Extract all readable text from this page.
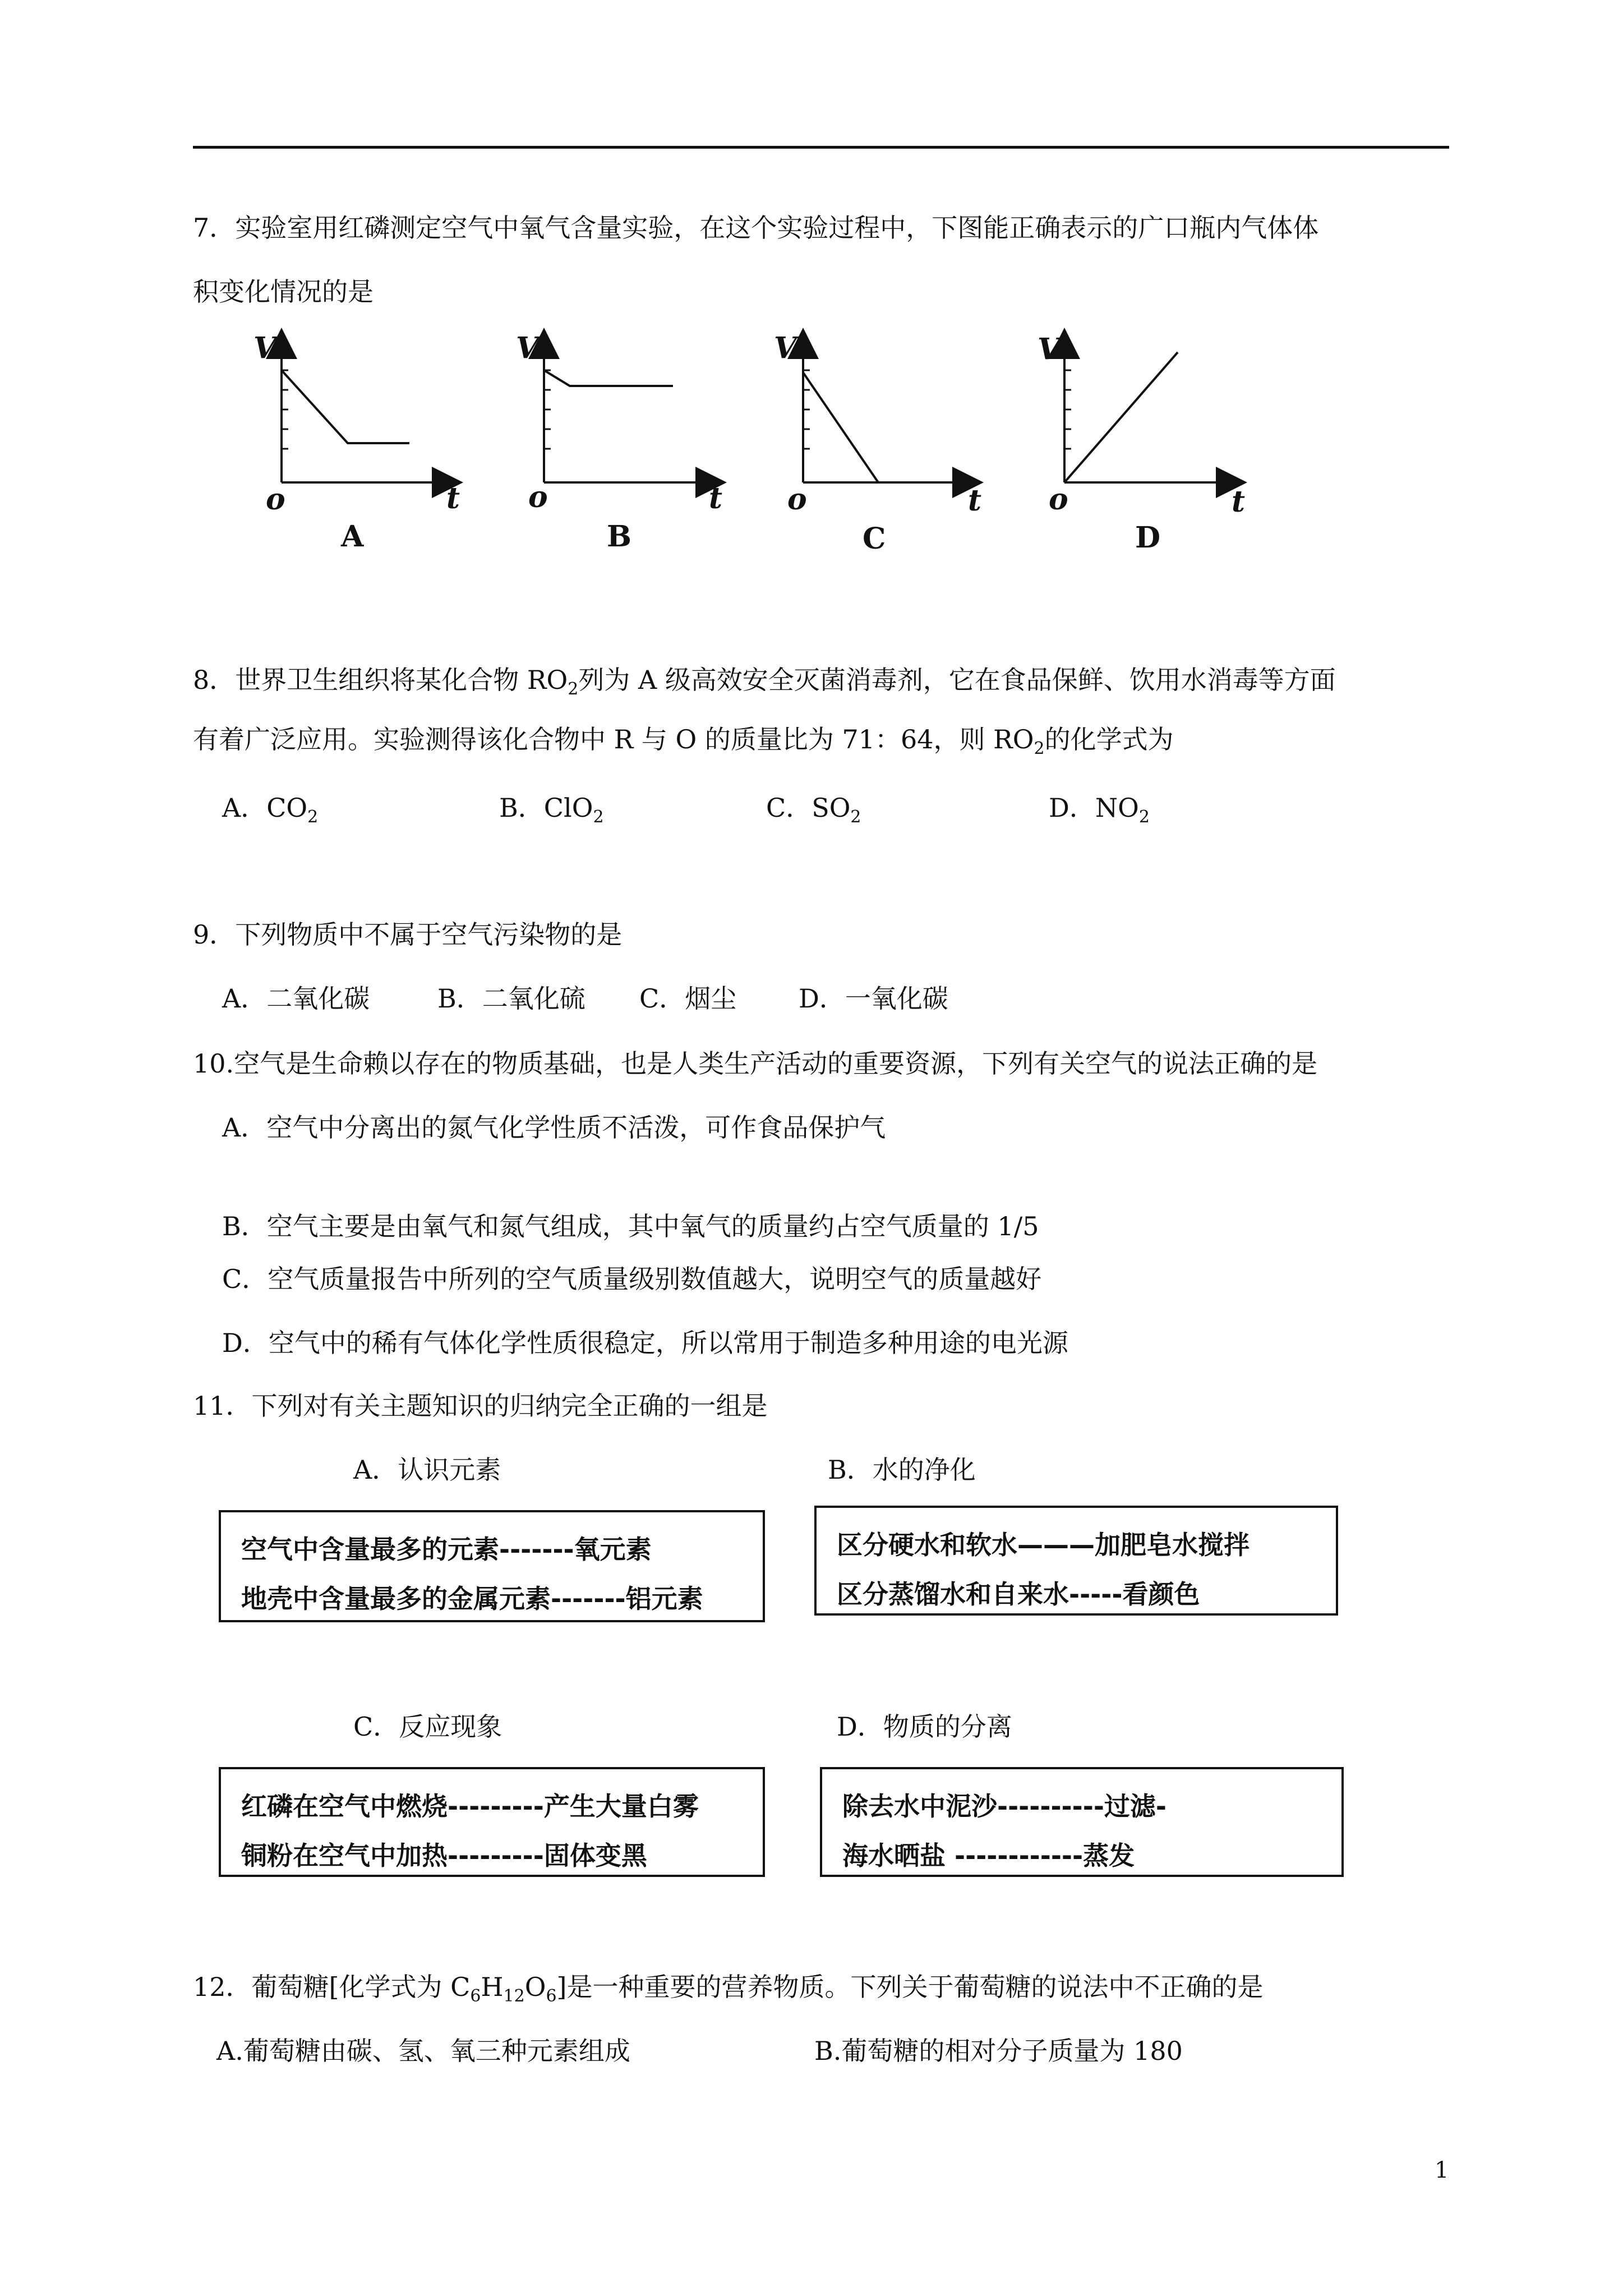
7．实验室用红磷测定空气中氧气含量实验，在这个实验过程中，下图能正确表示的广口瓶内气体体
积变化情况的是
V
o	t
A
V
o	t
B
V
o	t
C
V
o	t
D
8．世界卫生组织将某化合物 $RO_2$列为 A 级高效安全灭菌消毒剂，它在食品保鲜、饮用水消毒等方面
有着广泛应用。实验测得该化合物中 R 与 O 的质量比为 71：64，则 $RO_2$的化学式为
A．$CO_2$	B．ClO$_2$	C．$SO_2$	D．$NO_2$
9．下列物质中不属于空气污染物的是
A．二氧化碳	B．二氧化硫 C．烟尘 D．一氧化碳
10.空气是生命赖以存在的物质基础，也是人类生产活动的重要资源，下列有关空气的说法正确的是
A．空气中分离出的氮气化学性质不活泼，可作食品保护气
B．空气主要是由氧气和氮气组成，其中氧气的质量约占空气质量的 1/5
C．空气质量报告中所列的空气质量级别数值越大，说明空气的质量越好
D．空气中的稀有气体化学性质很稳定，所以常用于制造多种用途的电光源
11．下列对有关主题知识的归纳完全正确的一组是
A．认识元素	B．水的净化
空气中含量最多的元素-------氧元素
地壳中含量最多的金属元素-------铝元素
区分硬水和软水———加肥皂水搅拌
区分蒸馏水和自来水-----看颜色
C．反应现象	D．物质的分离
红磷在空气中燃烧---------产生大量白雾
铜粉在空气中加热---------固体变黑
除去水中泥沙----------过滤-
海水晒盐 ------------蒸发
12．葡萄糖[化学式为 $C_6H_{12}O_6$]是一种重要的营养物质。下列关于葡萄糖的说法中不正确的是
A.葡萄糖由碳、氢、氧三种元素组成	B.葡萄糖的相对分子质量为 180
1
